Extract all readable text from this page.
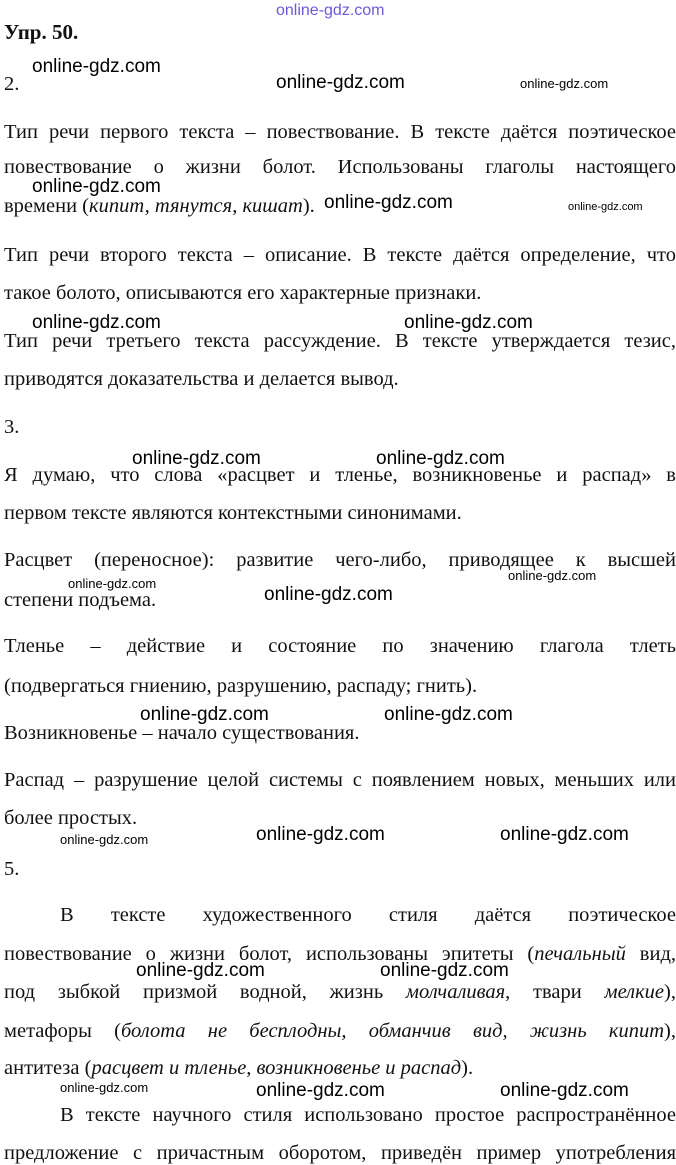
online-gdz.com
Упр. 50.
2.
Тип речи первого текста – повествование. В тексте даётся поэтическое
повествование о жизни болот. Использованы глаголы настоящего
времени (кипит, тянутся, кишат).
Тип речи второго текста – описание. В тексте даётся определение, что
такое болото, описываются его характерные признаки.
Тип речи третьего текста рассуждение. В тексте утверждается тезис,
приводятся доказательства и делается вывод.
3.
Я думаю, что слова «расцвет и тленье, возникновенье и распад» в
первом тексте являются контекстными синонимами.
Расцвет (переносное): развитие чего-либо, приводящее к высшей
степени подъема.
Тленье – действие и состояние по значению глагола тлеть
(подвергаться гниению, разрушению, распаду; гнить).
Возникновенье – начало существования.
Распад – разрушение целой системы с появлением новых, меньших или
более простых.
5.
В тексте художественного стиля даётся поэтическое
повествование о жизни болот, использованы эпитеты (печальный вид,
под зыбкой призмой водной, жизнь молчаливая, твари мелкие),
метафоры (болота не бесплодны, обманчив вид, жизнь кипит),
антитеза (расцвет и тленье, возникновенье и распад).
В тексте научного стиля использовано простое распространённое
предложение с причастным оборотом, приведён пример употребления
online-gdz.com
online-gdz.com	online-gdz.com
online-gdz.com
online-gdz.com	online-gdz.com
online-gdz.com	online-gdz.com
online-gdz.com	online-gdz.com
online-gdz.com
online-gdz.com
online-gdz.com
online-gdz.com	online-gdz.com
online-gdz.com	online-gdz.com	online-gdz.com
online-gdz.com	online-gdz.com
online-gdz.com	online-gdz.com	online-gdz.com
